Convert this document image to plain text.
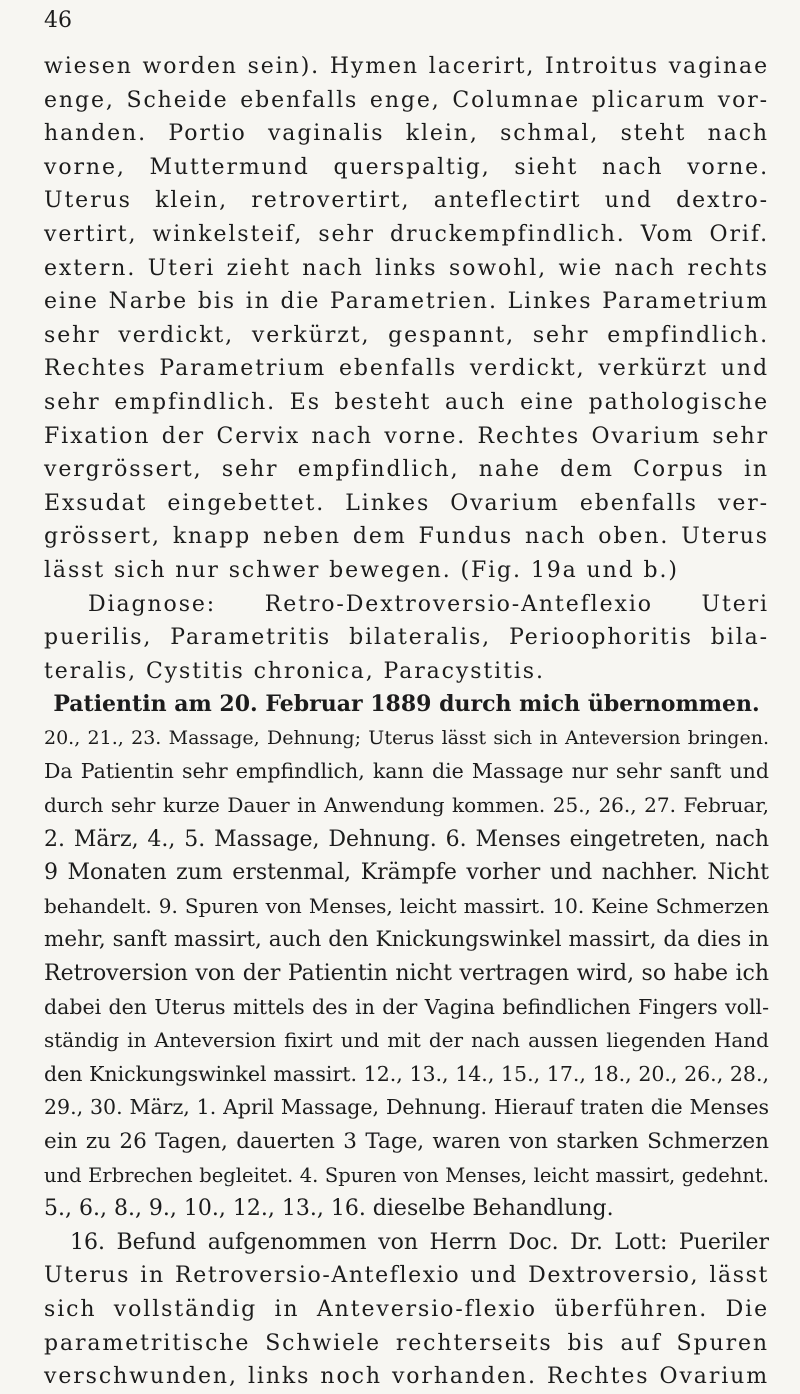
46
wiesen worden sein). Hymen lacerirt, Introitus vaginae
enge, Scheide ebenfalls enge, Columnae plicarum vor-
handen. Portio vaginalis klein, schmal, steht nach
vorne, Muttermund querspaltig, sieht nach vorne.
Uterus klein, retrovertirt, anteflectirt und dextro-
vertirt, winkelsteif, sehr druckempfindlich. Vom Orif.
extern. Uteri zieht nach links sowohl, wie nach rechts
eine Narbe bis in die Parametrien. Linkes Parametrium
sehr verdickt, verkürzt, gespannt, sehr empfindlich.
Rechtes Parametrium ebenfalls verdickt, verkürzt und
sehr empfindlich. Es besteht auch eine pathologische
Fixation der Cervix nach vorne. Rechtes Ovarium sehr
vergrössert, sehr empfindlich, nahe dem Corpus in
Exsudat eingebettet. Linkes Ovarium ebenfalls ver-
grössert, knapp neben dem Fundus nach oben. Uterus
lässt sich nur schwer bewegen. (Fig. 19a und b.)
Diagnose: Retro-Dextroversio-Anteflexio Uteri
puerilis, Parametritis bilateralis, Perioophoritis bila-
teralis, Cystitis chronica, Paracystitis.
Patientin am 20. Februar 1889 durch mich übernommen.
20., 21., 23. Massage, Dehnung; Uterus lässt sich in Anteversion bringen.
Da Patientin sehr empfindlich, kann die Massage nur sehr sanft und
durch sehr kurze Dauer in Anwendung kommen. 25., 26., 27. Februar,
2. März, 4., 5. Massage, Dehnung. 6. Menses eingetreten, nach
9 Monaten zum erstenmal, Krämpfe vorher und nachher. Nicht
behandelt. 9. Spuren von Menses, leicht massirt. 10. Keine Schmerzen
mehr, sanft massirt, auch den Knickungswinkel massirt, da dies in
Retroversion von der Patientin nicht vertragen wird, so habe ich
dabei den Uterus mittels des in der Vagina befindlichen Fingers voll-
ständig in Anteversion fixirt und mit der nach aussen liegenden Hand
den Knickungswinkel massirt. 12., 13., 14., 15., 17., 18., 20., 26., 28.,
29., 30. März, 1. April Massage, Dehnung. Hierauf traten die Menses
ein zu 26 Tagen, dauerten 3 Tage, waren von starken Schmerzen
und Erbrechen begleitet. 4. Spuren von Menses, leicht massirt, gedehnt.
5., 6., 8., 9., 10., 12., 13., 16. dieselbe Behandlung.
16. Befund aufgenommen von Herrn Doc. Dr. Lott: Pueriler
Uterus in Retroversio-Anteflexio und Dextroversio, lässt
sich vollständig in Anteversio-flexio überführen. Die
parametritische Schwiele rechterseits bis auf Spuren
verschwunden, links noch vorhanden. Rechtes Ovarium
